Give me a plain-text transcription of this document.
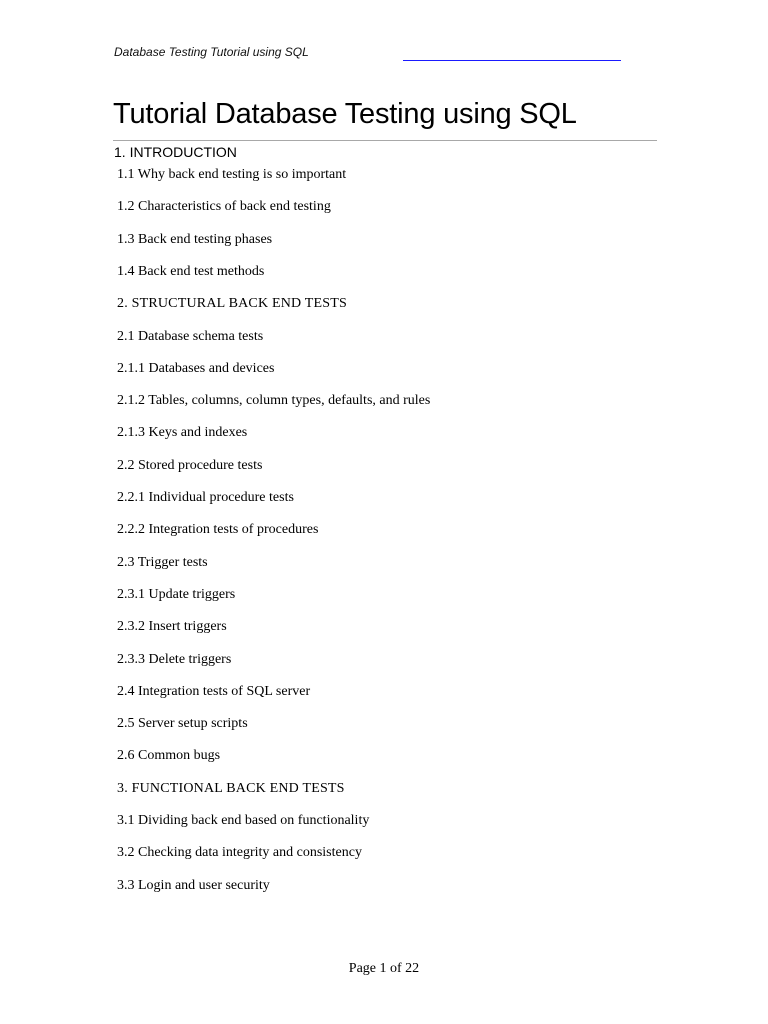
Database Testing Tutorial using SQL
Tutorial Database Testing using SQL
1. INTRODUCTION
1.1 Why back end testing is so important
1.2 Characteristics of back end testing
1.3 Back end testing phases
1.4 Back end test methods
2. STRUCTURAL BACK END TESTS
2.1 Database schema tests
2.1.1 Databases and devices
2.1.2 Tables, columns, column types, defaults, and rules
2.1.3 Keys and indexes
2.2 Stored procedure tests
2.2.1 Individual procedure tests
2.2.2 Integration tests of procedures
2.3 Trigger tests
2.3.1 Update triggers
2.3.2 Insert triggers
2.3.3 Delete triggers
2.4 Integration tests of SQL server
2.5 Server setup scripts
2.6 Common bugs
3. FUNCTIONAL BACK END TESTS
3.1 Dividing back end based on functionality
3.2 Checking data integrity and consistency
3.3 Login and user security
Page 1 of 22
